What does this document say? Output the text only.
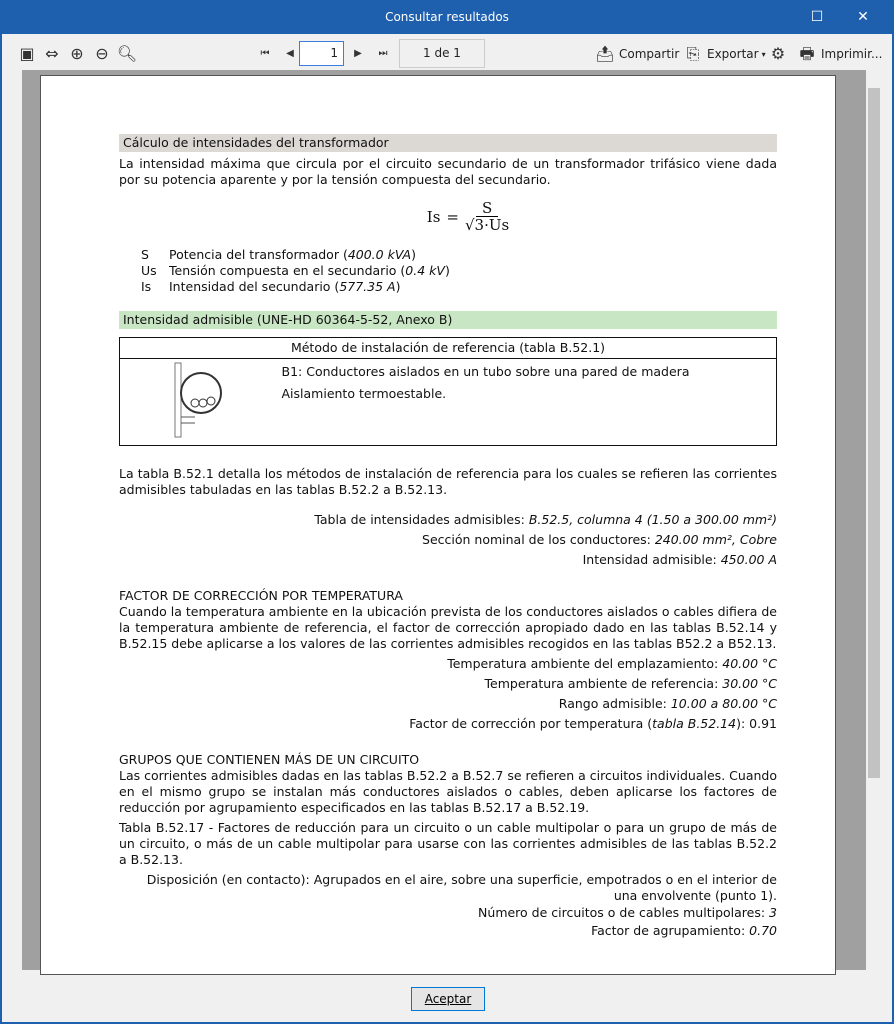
Consultar resultados	☐	✕
▣ ⇔ ⊕ ⊖ 🔍︎	⏮	◀	1	▶	⏭	1 de 1	📤︎ Compartir ⎘ Exportar ▾ ⚙ 🖶 Imprimir...
Cálculo de intensidades del transformador

La intensidad máxima que circula por el circuito secundario de un transformador trifásico viene dada por su potencia aparente y por la tensión compuesta del secundario.

$Is = \frac{S}{√3\cdot Us}$
S	Potencia del transformador ( 400.0 kVA )
Us Tensión compuesta en el secundario ( 0.4 kV )
Is	Intensidad del secundario ( 577.35 A )
Intensidad admisible (UNE-HD 60364-5-52, Anexo B)
Método de instalación de referencia (tabla B.52.1)

B1: Conductores aislados en un tubo sobre una pared de madera
Aislamiento termoestable.

La tabla B.52.1 detalla los métodos de instalación de referencia para los cuales se refieren las corrientes admisibles tabuladas en las tablas B.52.2 a B.52.13.

Tabla de intensidades admisibles: B.52.5, columna 4 (1.50 a 300.00 mm²)
Sección nominal de los conductores: 240.00 mm², Cobre
Intensidad admisible: 450.00 A
FACTOR DE CORRECCIÓN POR TEMPERATURA

Cuando la temperatura ambiente en la ubicación prevista de los conductores aislados o cables difiera de la temperatura ambiente de referencia, el factor de corrección apropiado dado en las tablas B.52.14 y B.52.15 debe aplicarse a los valores de las corrientes admisibles recogidos en las tablas B52.2 a B52.13.

Temperatura ambiente del emplazamiento: 40.00 °C
Temperatura ambiente de referencia: 30.00 °C
Rango admisible: 10.00 a 80.00 °C
Factor de corrección por temperatura (tabla B.52.14): 0.91
GRUPOS QUE CONTIENEN MÁS DE UN CIRCUITO

Las corrientes admisibles dadas en las tablas B.52.2 a B.52.7 se refieren a circuitos individuales. Cuando en el mismo grupo se instalan más conductores aislados o cables, deben aplicarse los factores de reducción por agrupamiento especificados en las tablas B.52.17 a B.52.19.

Tabla B.52.17 - Factores de reducción para un circuito o un cable multipolar o para un grupo de más de un circuito, o más de un cable multipolar para usarse con las corrientes admisibles de las tablas B.52.2 a B.52.13.

Disposición (en contacto): Agrupados en el aire, sobre una superficie, empotrados o en el interior de una envolvente (punto 1).

Número de circuitos o de cables multipolares: 3
Factor de agrupamiento: 0.70
Aceptar
